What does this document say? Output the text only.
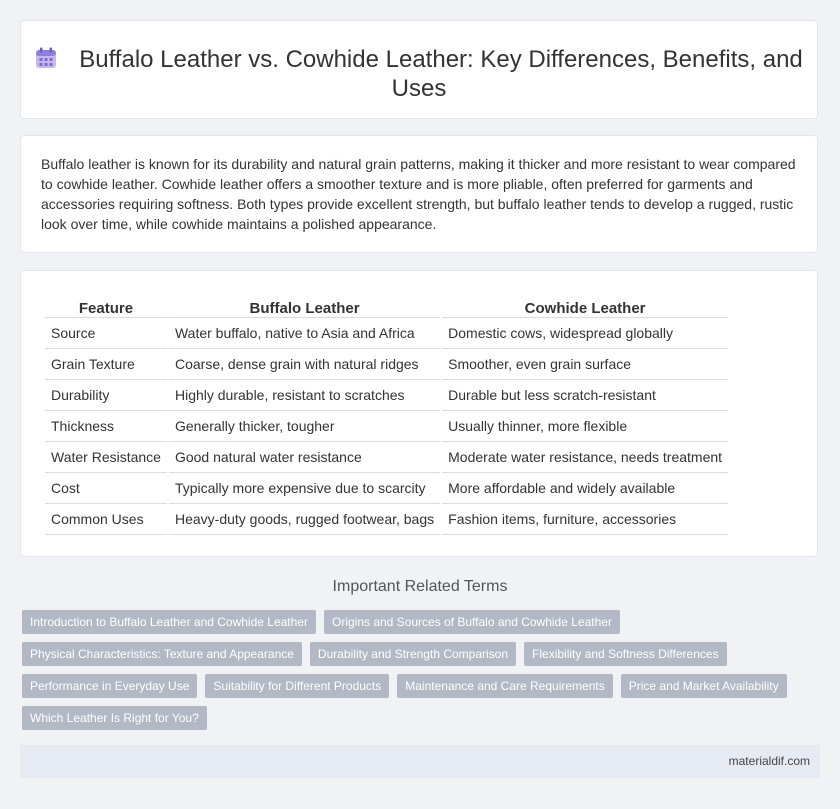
Buffalo Leather vs. Cowhide Leather: Key Differences, Benefits, and Uses

Buffalo leather is known for its durability and natural grain patterns, making it thicker and more resistant to wear compared to cowhide leather. Cowhide leather offers a smoother texture and is more pliable, often preferred for garments and accessories requiring softness. Both types provide excellent strength, but buffalo leather tends to develop a rugged, rustic look over time, while cowhide maintains a polished appearance.

Feature	Buffalo Leather	Cowhide Leather
Source	Water buffalo, native to Asia and Africa	Domestic cows, widespread globally
Grain Texture	Coarse, dense grain with natural ridges	Smoother, even grain surface
Durability	Highly durable, resistant to scratches	Durable but less scratch-resistant
Thickness	Generally thicker, tougher	Usually thinner, more flexible
Water Resistance	Good natural water resistance	Moderate water resistance, needs treatment
Cost	Typically more expensive due to scarcity	More affordable and widely available
Common Uses	Heavy-duty goods, rugged footwear, bags	Fashion items, furniture, accessories
Important Related Terms
Introduction to Buffalo Leather and Cowhide Leather	Origins and Sources of Buffalo and Cowhide Leather
Physical Characteristics: Texture and Appearance	Durability and Strength Comparison	Flexibility and Softness Differences
Performance in Everyday Use	Suitability for Different Products	Maintenance and Care Requirements	Price and Market Availability
Which Leather Is Right for You?
materialdif.com
